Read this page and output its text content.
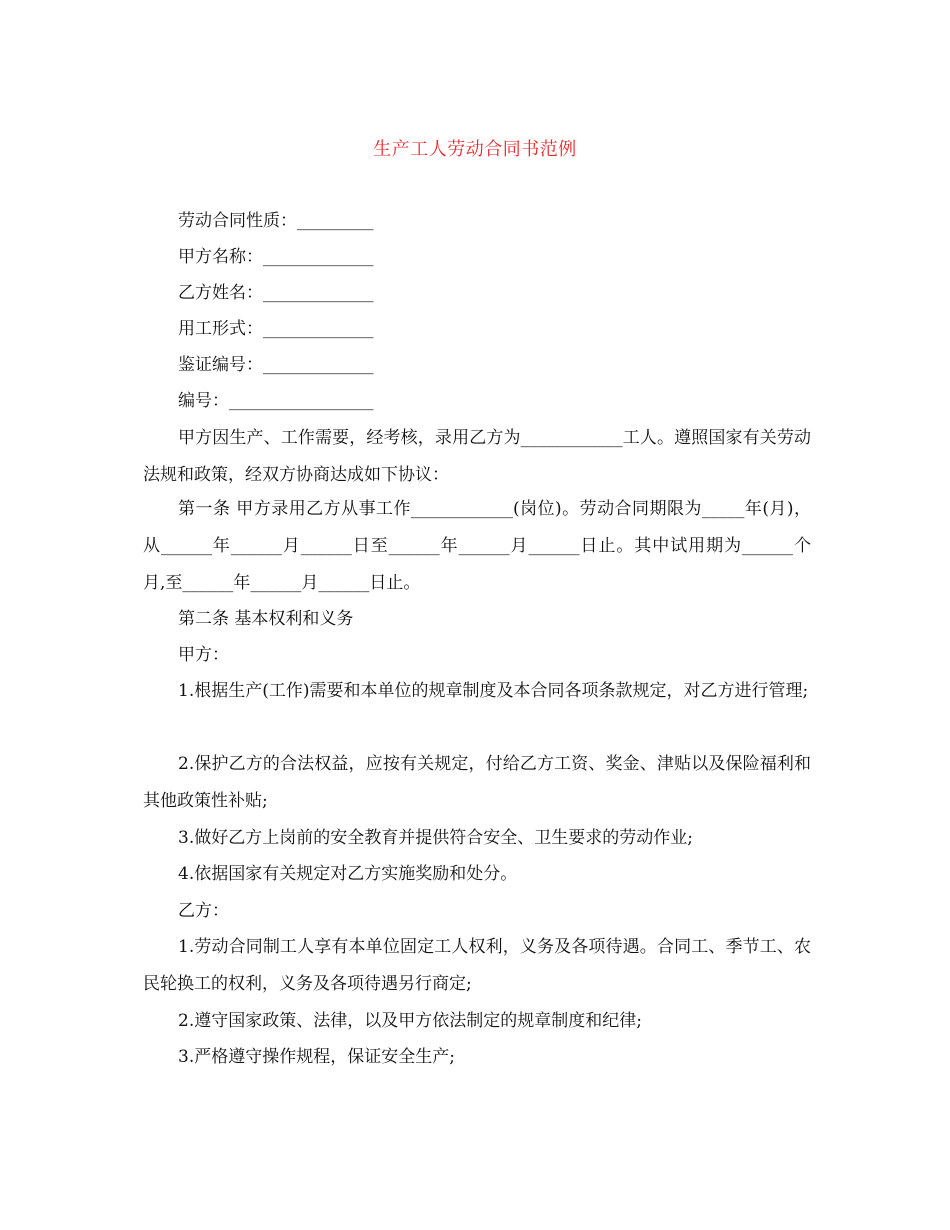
生产工人劳动合同书范例
劳动合同性质：_________
甲方名称：_____________
乙方姓名：_____________
用工形式：_____________
鉴证编号：_____________
编号：_________________

甲方因生产、工作需要，经考核，录用乙方为____________工人。遵照国家有关劳动法规和政策，经双方协商达成如下协议：

第一条 甲方录用乙方从事工作____________(岗位)。劳动合同期限为_____年(月)，从______年______月______日至______年______月______日止。其中试用期为______个月,至______年______月______日止。

第二条 基本权利和义务
甲方：

1.根据生产(工作)需要和本单位的规章制度及本合同各项条款规定，对乙方进行管理;

2.保护乙方的合法权益，应按有关规定，付给乙方工资、奖金、津贴以及保险福利和其他政策性补贴;

3.做好乙方上岗前的安全教育并提供符合安全、卫生要求的劳动作业;
4.依据国家有关规定对乙方实施奖励和处分。
乙方：

1.劳动合同制工人享有本单位固定工人权利，义务及各项待遇。合同工、季节工、农民轮换工的权利，义务及各项待遇另行商定;

2.遵守国家政策、法律，以及甲方依法制定的规章制度和纪律;
3.严格遵守操作规程，保证安全生产;
